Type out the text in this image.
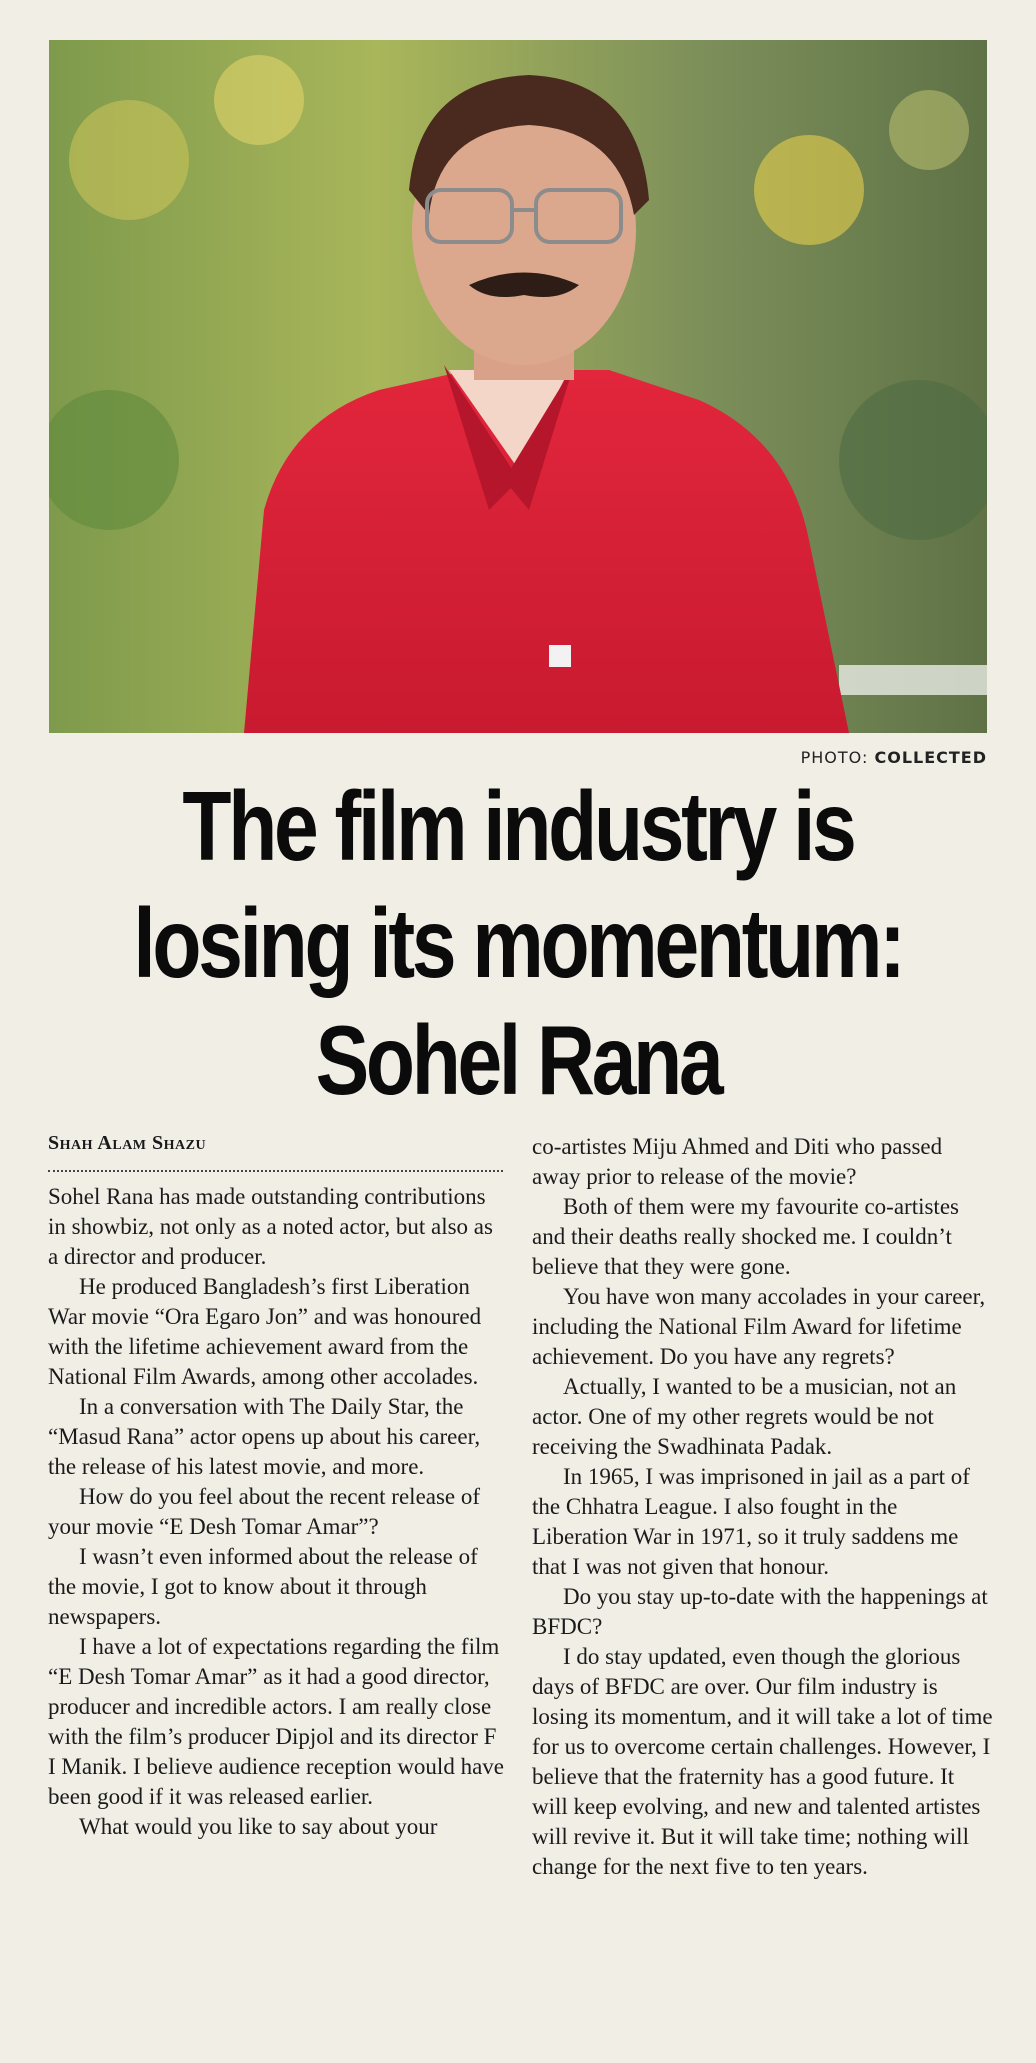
PHOTO: COLLECTED
The film industry is
losing its momentum:
Sohel Rana
Shah Alam Shazu

Sohel Rana has made outstanding contributions in showbiz, not only as a noted actor, but also as a director and producer.

He produced Bangladesh’s first Liberation War movie “Ora Egaro Jon” and was honoured with the lifetime achievement award from the National Film Awards, among other accolades.

In a conversation with The Daily Star, the “Masud Rana” actor opens up about his career, the release of his latest movie, and more.

How do you feel about the recent release of your movie “E Desh Tomar Amar”?

I wasn’t even informed about the release of the movie, I got to know about it through newspapers.

I have a lot of expectations regarding the film “E Desh Tomar Amar” as it had a good director, producer and incredible actors. I am really close with the film’s producer Dipjol and its director F I Manik. I believe audience reception would have been good if it was released earlier.

What would you like to say about your

co-artistes Miju Ahmed and Diti who passed away prior to release of the movie?

Both of them were my favourite co-artistes and their deaths really shocked me. I couldn’t believe that they were gone.

You have won many accolades in your career, including the National Film Award for lifetime achievement. Do you have any regrets?

Actually, I wanted to be a musician, not an actor. One of my other regrets would be not receiving the Swadhinata Padak.

In 1965, I was imprisoned in jail as a part of the Chhatra League. I also fought in the Liberation War in 1971, so it truly saddens me that I was not given that honour.

Do you stay up-to-date with the happenings at BFDC?

I do stay updated, even though the glorious days of BFDC are over. Our film industry is losing its momentum, and it will take a lot of time for us to overcome certain challenges. However, I believe that the fraternity has a good future. It will keep evolving, and new and talented artistes will revive it. But it will take time; nothing will change for the next five to ten years.
